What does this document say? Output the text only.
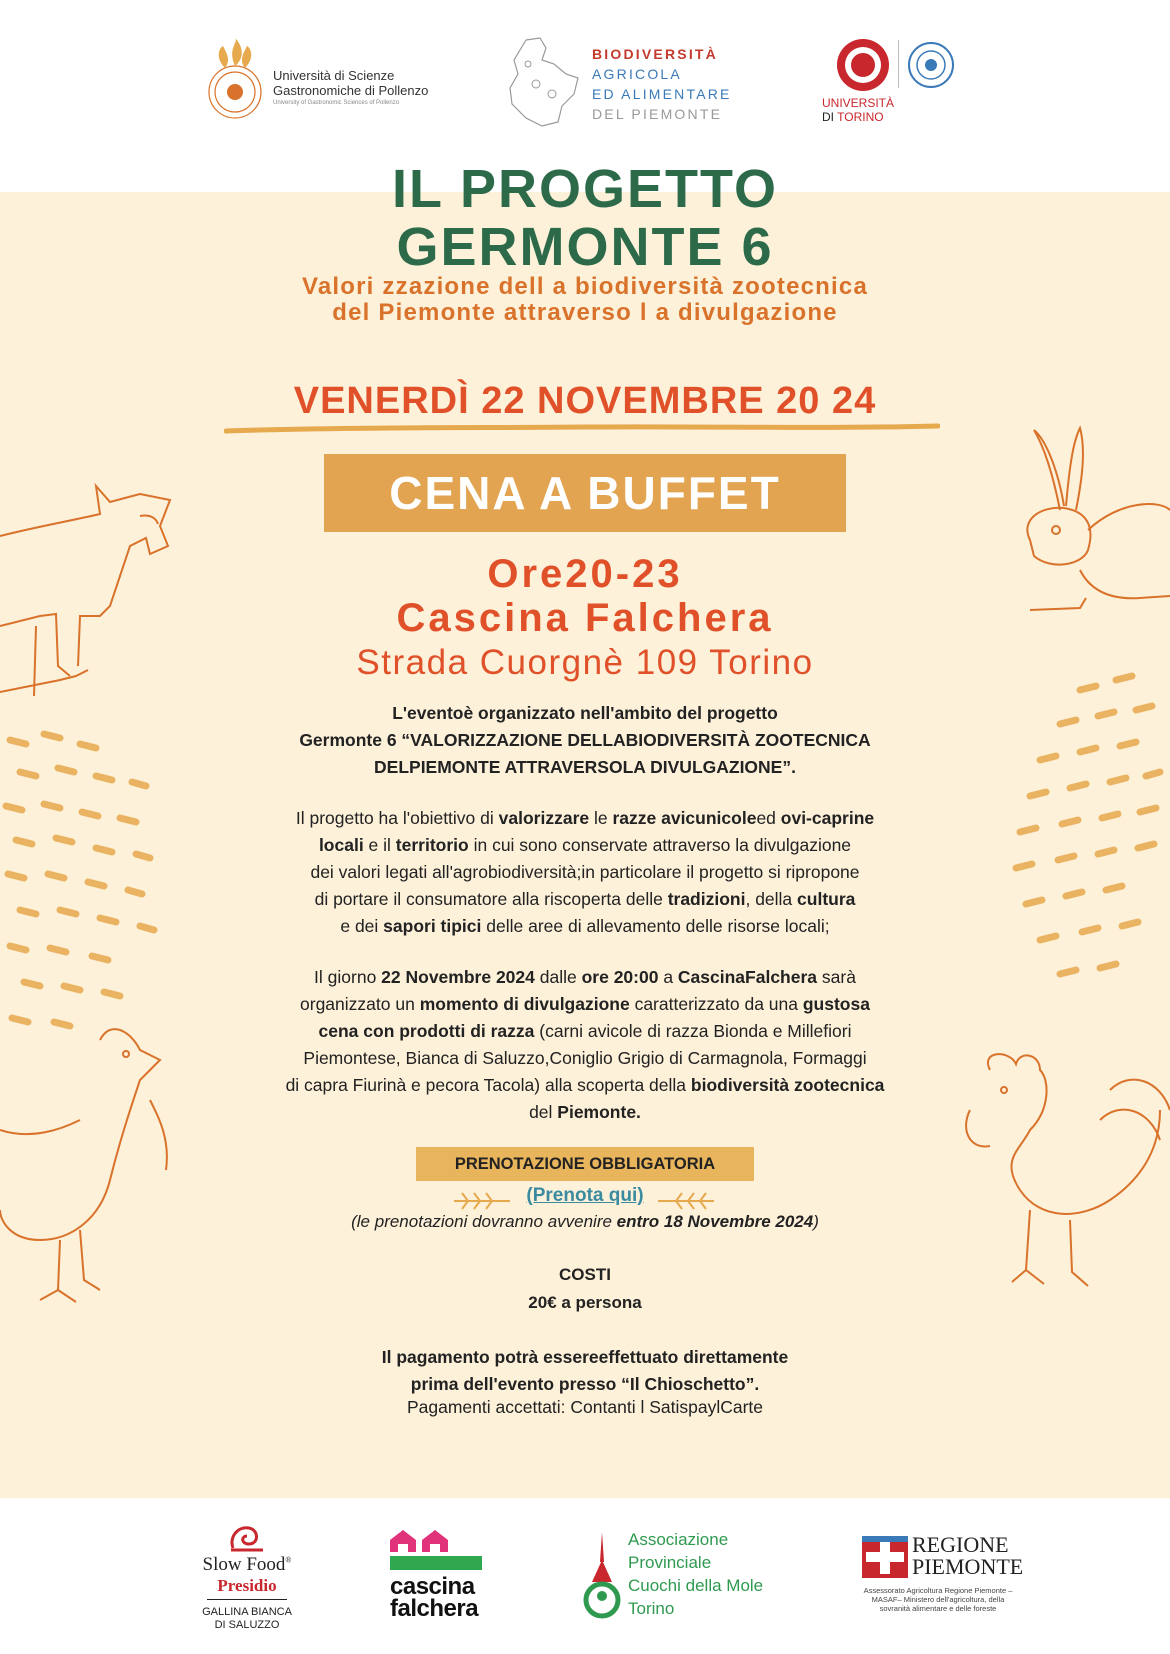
Università di Scienze
Gastronomiche di Pollenzo
University of Gastronomic Sciences of Pollenzo
BIODIVERSITÀ
AGRICOLA
ED ALIMENTARE
DEL PIEMONTE
UNIVERSITÀ
DI TORINO
IL PROGETTO
GERMONTE 6
Valori zzazione dell a biodiversità zootecnica
del Piemonte attraverso l a divulgazione
VENERDÌ 22 NOVEMBRE 20 24
CENA A BUFFET
Ore20-23
Cascina Falchera
Strada Cuorgnè 109 Torino
L'eventoè organizzato nell'ambito del progetto
Germonte 6 “VALORIZZAZIONE DELLABIODIVERSITÀ ZOOTECNICA
DELPIEMONTE ATTRAVERSOLA DIVULGAZIONE”.
Il progetto ha l'obiettivo di valorizzare le razze avicunicoleed ovi-caprine
locali e il territorio in cui sono conservate attraverso la divulgazione
dei valori legati all'agrobiodiversità;in particolare il progetto si ripropone
di portare il consumatore alla riscoperta delle tradizioni, della cultura
e dei sapori tipici delle aree di allevamento delle risorse locali;
Il giorno 22 Novembre 2024 dalle ore 20:00 a CascinaFalchera sarà
organizzato un momento di divulgazione caratterizzato da una gustosa
cena con prodotti di razza (carni avicole di razza Bionda e Millefiori
Piemontese, Bianca di Saluzzo,Coniglio Grigio di Carmagnola, Formaggi
di capra Fiurinà e pecora Tacola) alla scoperta della biodiversità zootecnica
del Piemonte.
PRENOTAZIONE OBBLIGATORIA
(Prenota qui)
(le prenotazioni dovranno avvenire entro 18 Novembre 2024)
COSTI
20€ a persona
Il pagamento potrà essereeffettuato direttamente
prima dell'evento presso “Il Chioschetto”.
Pagamenti accettati: Contanti l SatispaylCarte
Slow Food®
Presidio
GALLINA BIANCA
DI SALUZZO
cascina
falchera
Associazione
Provinciale
Cuochi della Mole
Torino
REGIONE
PIEMONTE
Assessorato Agricoltura Regione Piemonte – MASAF– Ministero dell'agricoltura, della sovranità alimentare e delle foreste
